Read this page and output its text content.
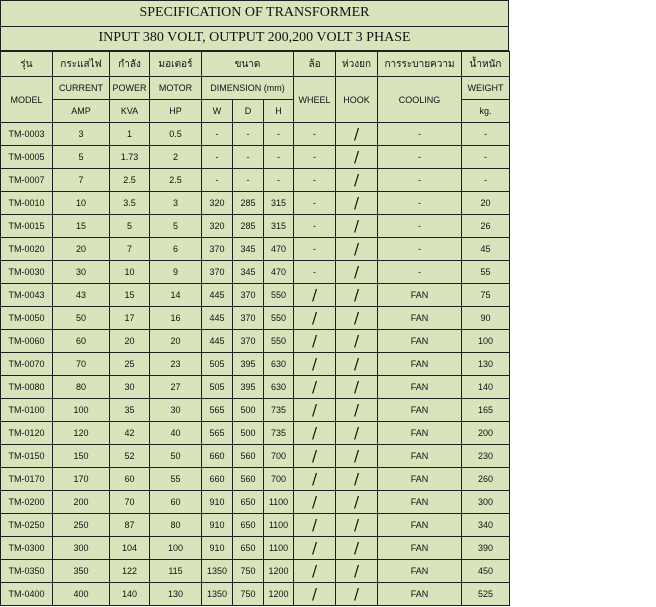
SPECIFICATION OF TRANSFORMER
INPUT 380 VOLT, OUTPUT 200,200 VOLT 3 PHASE
รุ่น	กระแสไฟ	กำลัง	มอเตอร์	ขนาด			ล้อ	ห่วงยก	การระบายความ	น้ำหนัก
MODEL	CURRENT	POWER	MOTOR	DIMENSION (mm)			WHEEL	HOOK	COOLING	WEIGHT
	AMP	KVA	HP	W	D	H				kg.
TM-0003	3	1	0.5	-	-	-	-	/	-	-
TM-0005	5	1.73	2	-	-	-	-	/	-	-
TM-0007	7	2.5	2.5	-	-	-	-	/	-	-
TM-0010	10	3.5	3	320	285	315	-	/	-	20
TM-0015	15	5	5	320	285	315	-	/	-	26
TM-0020	20	7	6	370	345	470	-	/	-	45
TM-0030	30	10	9	370	345	470	-	/	-	55
TM-0043	43	15	14	445	370	550	/	/	FAN	75
TM-0050	50	17	16	445	370	550	/	/	FAN	90
TM-0060	60	20	20	445	370	550	/	/	FAN	100
TM-0070	70	25	23	505	395	630	/	/	FAN	130
TM-0080	80	30	27	505	395	630	/	/	FAN	140
TM-0100	100	35	30	565	500	735	/	/	FAN	165
TM-0120	120	42	40	565	500	735	/	/	FAN	200
TM-0150	150	52	50	660	560	700	/	/	FAN	230
TM-0170	170	60	55	660	560	700	/	/	FAN	260
TM-0200	200	70	60	910	650	1100	/	/	FAN	300
TM-0250	250	87	80	910	650	1100	/	/	FAN	340
TM-0300	300	104	100	910	650	1100	/	/	FAN	390
TM-0350	350	122	115	1350	750	1200	/	/	FAN	450
TM-0400	400	140	130	1350	750	1200	/	/	FAN	525
